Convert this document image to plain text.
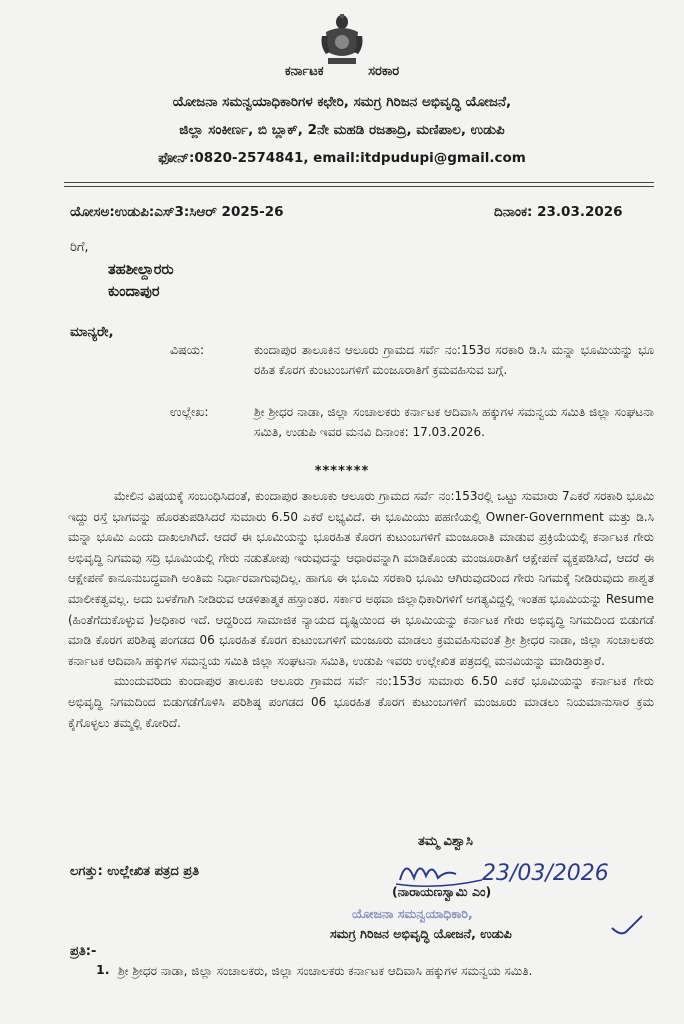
ಕರ್ನಾಟಕ ಸರಕಾರ
ಯೋಜನಾ ಸಮನ್ವಯಾಧಿಕಾರಿಗಳ ಕಛೇರಿ, ಸಮಗ್ರ ಗಿರಿಜನ ಅಭಿವೃದ್ಧಿ ಯೋಜನೆ,
ಜಿಲ್ಲಾ ಸಂಕೀರ್ಣ, ಬಿ ಬ್ಲಾಕ್, 2ನೇ ಮಹಡಿ ರಜತಾದ್ರಿ, ಮಣಿಪಾಲ, ಉಡುಪಿ
ಫೋನ್:0820-2574841, email:itdpudupi@gmail.com
ಯೋಸಅ:ಉಡುಪಿ:ಎಸ್3:ಸಿಆರ್ 2025-26	ದಿನಾಂಕ: 23.03.2026
ರಿಗೆ,
ತಹಶೀಲ್ದಾರರು
ಕುಂದಾಪುರ
ಮಾನ್ಯರೇ,
ವಿಷಯ:	ಕುಂದಾಪುರ ತಾಲೂಕಿನ ಆಲೂರು ಗ್ರಾಮದ ಸರ್ವೆ ನಂ:153ರ ಸರಕಾರಿ ಡಿ.ಸಿ ಮನ್ನಾ ಭೂಮಿಯನ್ನು ಭೂ ರಹಿತ ಕೊರಗ ಕುಂಟುಂಬಗಳಿಗೆ ಮಂಜೂರಾತಿಗೆ ಕ್ರಮವಹಿಸುವ ಬಗ್ಗೆ.
ಉಲ್ಲೇಖ:	ಶ್ರೀ ಶ್ರೀಧರ ನಾಡಾ, ಜಿಲ್ಲಾ ಸಂಚಾಲಕರು ಕರ್ನಾಟಕ ಆದಿವಾಸಿ ಹಕ್ಕುಗಳ ಸಮನ್ವಯ ಸಮಿತಿ ಜಿಲ್ಲಾ ಸಂಘಟನಾ ಸಮಿತಿ, ಉಡುಪಿ ಇವರ ಮನವಿ ದಿನಾಂಕ: 17.03.2026.
*******

ಮೇಲಿನ ವಿಷಯಕ್ಕೆ ಸಂಬಂಧಿಸಿದಂತೆ, ಕುಂದಾಪುರ ತಾಲೂಕು ಆಲೂರು ಗ್ರಾಮದ ಸರ್ವೆ ನಂ:153ರಲ್ಲಿ ಒಟ್ಟು ಸುಮಾರು 7ಎಕರೆ ಸರಕಾರಿ ಭೂಮಿ ಇದ್ದು ರಸ್ತೆ ಭಾಗವನ್ನು ಹೊರತುಪಡಿಸಿದರೆ ಸುಮಾರು 6.50 ಎಕರೆ ಲಭ್ಯವಿದೆ. ಈ ಭೂಮಿಯು ಪಹಣಿಯಲ್ಲಿ Owner-Government ಮತ್ತು ಡಿ.ಸಿ ಮನ್ನಾ ಭೂಮಿ ಎಂದು ದಾಖಲಾಗಿದೆ. ಆದರೆ ಈ ಭೂಮಿಯನ್ನು ಭೂರಹಿತ ಕೊರಗ ಕುಟುಂಬಗಳಿಗೆ ಮಂಜೂರಾತಿ ಮಾಡುವ ಪ್ರಕ್ರಿಯೆಯಲ್ಲಿ ಕರ್ನಾಟಕ ಗೇರು ಅಭಿವೃದ್ಧಿ ನಿಗಮವು ಸದ್ರಿ ಭೂಮಿಯಲ್ಲಿ ಗೇರು ನಡುತೋಪು ಇರುವುದನ್ನು ಆಧಾರವನ್ನಾಗಿ ಮಾಡಿಕೊಂಡು ಮಂಜೂರಾತಿಗೆ ಆಕ್ಷೇಪಣೆ ವ್ಯಕ್ತಪಡಿಸಿದೆ, ಆದರೆ ಈ ಆಕ್ಷೇಪಣೆ ಕಾನೂನುಬದ್ಧವಾಗಿ ಅಂತಿಮ ನಿರ್ಧಾರವಾಗುವುದಿಲ್ಲ. ಹಾಗೂ ಈ ಭೂಮಿ ಸರಕಾರಿ ಭೂಮಿ ಆಗಿರುವುದರಿಂದ ಗೇರು ನಿಗಮಕ್ಕೆ ನೀಡಿರುವುದು ಶಾಶ್ವತ ಮಾಲೀಕತ್ವವಲ್ಲ. ಅದು ಬಳಕೆಗಾಗಿ ನೀಡಿರುವ ಆಡಳಿತಾತ್ಮಕ ಹಸ್ತಾಂತರ. ಸರ್ಕಾರ ಅಥವಾ ಜಿಲ್ಲಾಧಿಕಾರಿಗಳಿಗೆ ಅಗತ್ಯವಿದ್ದಲ್ಲಿ ಇಂತಹ ಭೂಮಿಯನ್ನು Resume (ಹಿಂತೆಗೆದುಕೊಳ್ಳುವ )ಅಧಿಕಾರ ಇದೆ. ಆದ್ದರಿಂದ ಸಾಮಾಜಿಕ ನ್ಯಾಯದ ದೃಷ್ಟಿಯಿಂದ ಈ ಭೂಮಿಯನ್ನು ಕರ್ನಾಟಕ ಗೇರು ಅಭಿವೃದ್ಧಿ ನಿಗಮದಿಂದ ಬಿಡುಗಡೆ ಮಾಡಿ ಕೊರಗ ಪರಿಶಿಷ್ಠ ಪಂಗಡದ 06 ಭೂರಹಿತ ಕೊರಗ ಕುಟುಂಬಗಳಿಗೆ ಮಂಜೂರು ಮಾಡಲು ಕ್ರಮವಹಿಸುವಂತೆ ಶ್ರೀ ಶ್ರೀಧರ ನಾಡಾ, ಜಿಲ್ಲಾ ಸಂಚಾಲಕರು ಕರ್ನಾಟಕ ಆದಿವಾಸಿ ಹಕ್ಕುಗಳ ಸಮನ್ವಯ ಸಮಿತಿ ಜಿಲ್ಲಾ ಸಂಘಟನಾ ಸಮಿತಿ, ಉಡುಪಿ ಇವರು ಉಲ್ಲೇಖಿತ ಪತ್ರದಲ್ಲಿ ಮನವಿಯನ್ನು ಮಾಡಿರುತ್ತಾರೆ.

ಮುಂದುವರಿದು ಕುಂದಾಪುರ ತಾಲೂಕು ಆಲೂರು ಗ್ರಾಮದ ಸರ್ವೆ ನಂ:153ರ ಸುಮಾರು 6.50 ಎಕರೆ ಭೂಮಿಯನ್ನು ಕರ್ನಾಟಕ ಗೇರು ಅಭಿವೃದ್ಧಿ ನಿಗಮದಿಂದ ಬಿಡುಗಡೆಗೊಳಿಸಿ ಪರಿಶಿಷ್ಠ ಪಂಗಡದ 06 ಭೂರಹಿತ ಕೊರಗ ಕುಟುಂಬಗಳಿಗೆ ಮಂಜೂರು ಮಾಡಲು ನಿಯಮಾನುಸಾರ ಕ್ರಮ ಕೈಗೊಳ್ಳಲು ತಮ್ಮಲ್ಲಿ ಕೋರಿದೆ.

ತಮ್ಮ ವಿಶ್ವಾಸಿ
23/03/2026
(ನಾರಾಯಣಸ್ವಾಮಿ ಎಂ)
ಯೋಜನಾ ಸಮನ್ವಯಾಧಿಕಾರಿ,
ಸಮಗ್ರ ಗಿರಿಜನ ಅಭಿವೃದ್ಧಿ ಯೋಜನೆ, ಉಡುಪಿ
ಲಗತ್ತು: ಉಲ್ಲೇಖಿತ ಪತ್ರದ ಪ್ರತಿ
ಪ್ರತಿ:-
1. ಶ್ರೀ ಶ್ರೀಧರ ನಾಡಾ, ಜಿಲ್ಲಾ ಸಂಚಾಲಕರು, ಜಿಲ್ಲಾ ಸಂಚಾಲಕರು ಕರ್ನಾಟಕ ಆದಿವಾಸಿ ಹಕ್ಕುಗಳ ಸಮನ್ವಯ ಸಮಿತಿ.
